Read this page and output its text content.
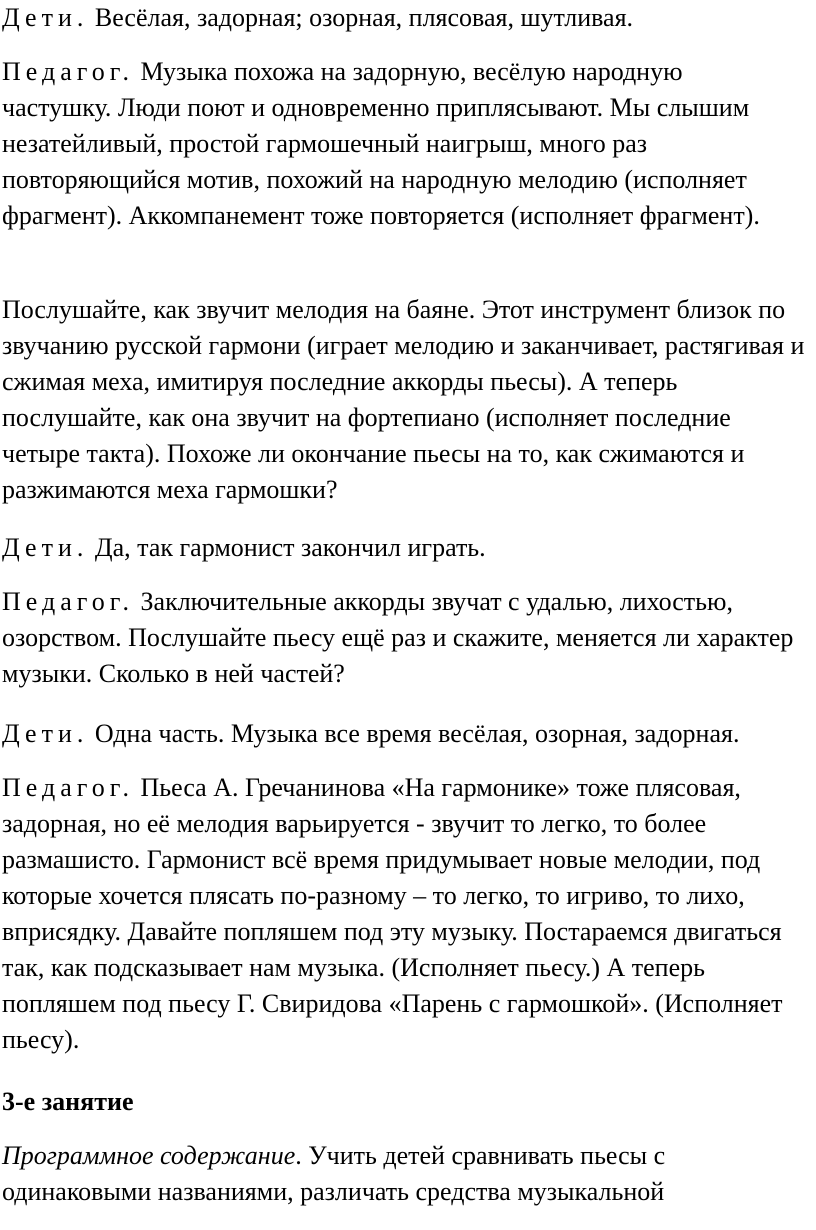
Дети. Весёлая, задорная; озорная, плясовая, шутливая.

Педагог. Музыка похожа на задорную, весёлую народную частушку. Люди поют и одновременно приплясывают. Мы слышим незатейливый, простой гармошечный наигрыш, много раз повторяющийся мотив, похожий на народную мелодию (исполняет фрагмент). Аккомпанемент тоже повторяется (исполняет фрагмент).

Послушайте, как звучит мелодия на баяне. Этот инструмент близок по звучанию русской гармони (играет мелодию и заканчивает, растягивая и сжимая меха, имитируя последние аккорды пьесы). А теперь послушайте, как она звучит на фортепиано (исполняет последние четыре такта). Похоже ли окончание пьесы на то, как сжимаются и разжимаются меха гармошки?

Дети. Да, так гармонист закончил играть.

Педагог. Заключительные аккорды звучат с удалью, лихостью, озорством. Послушайте пьесу ещё раз и скажите, меняется ли характер музыки. Сколько в ней частей?

Дети. Одна часть. Музыка все время весёлая, озорная, задорная.

Педагог. Пьеса А. Гречанинова «На гармонике» тоже плясовая, задорная, но её мелодия варьируется - звучит то легко, то более размашисто. Гармонист всё время придумывает новые мелодии, под которые хочется плясать по-разному – то легко, то игриво, то лихо, вприсядку. Давайте попляшем под эту музыку. Постараемся двигаться так, как подсказывает нам музыка. (Исполняет пьесу.) А теперь попляшем под пьесу Г. Свиридова «Парень с гармошкой». (Исполняет пьесу).

3-е занятие

Программное содержание. Учить детей сравнивать пьесы с одинаковыми названиями, различать средства музыкальной
